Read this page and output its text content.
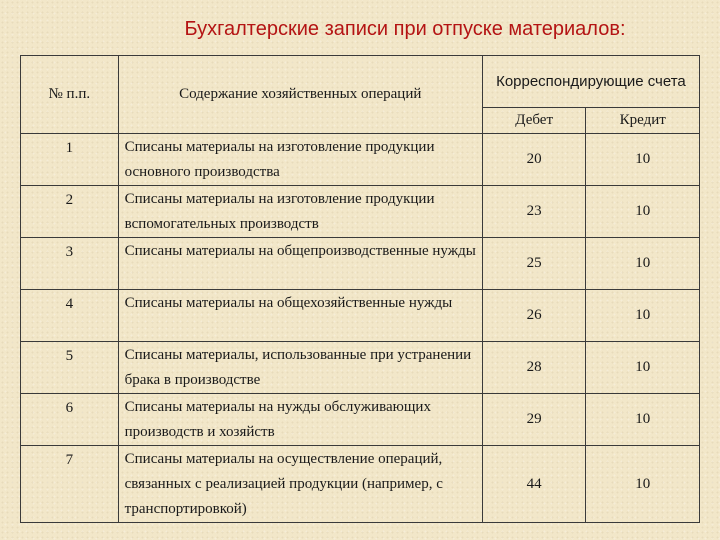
Бухгалтерские записи при отпуске материалов:
№ п.п.	Содержание хозяйственных операций	Корреспондирующие счета	
		Дебет	Кредит
1	Списаны материалы на изготовление продукции основного производства	20	10
2	Списаны материалы на изготовление продукции вспомогательных производств	23	10
3	Списаны материалы на общепроизводственные нужды	25	10
4	Списаны материалы на общехозяйственные нужды	26	10
5	Списаны материалы, использованные при устранении брака в производстве	28	10
6	Списаны материалы на нужды обслуживающих производств и хозяйств	29	10
7	Списаны материалы на осуществление операций, связанных с реализацией продукции (например, с транспортировкой)	44	10
